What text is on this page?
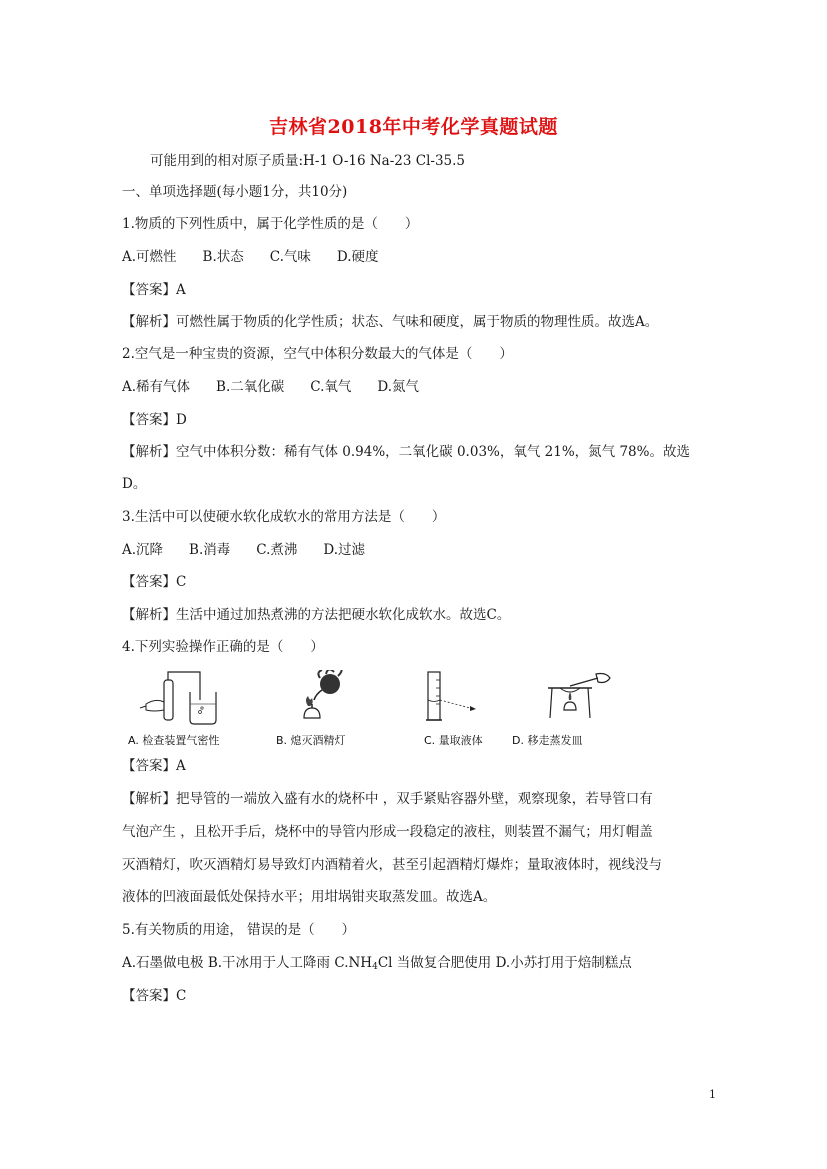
吉林省2018年中考化学真题试题
可能用到的相对原子质量:H-1 O-16 Na-23 Cl-35.5
一、单项选择题(每小题1分，共10分)
1.物质的下列性质中，属于化学性质的是（　　）
A.可燃性 B.状态 C.气味 D.硬度
【答案】A
【解析】可燃性属于物质的化学性质；状态、气味和硬度，属于物质的物理性质。故选A。
2.空气是一种宝贵的资源，空气中体积分数最大的气体是（　　）
A.稀有气体 B.二氧化碳 C.氧气 D.氮气
【答案】D
【解析】空气中体积分数：稀有气体 0.94%，二氧化碳 0.03%，氧气 21%，氮气 78%。故选
D。
3.生活中可以使硬水软化成软水的常用方法是（　　）
A.沉降 B.消毒 C.煮沸 D.过滤
【答案】C
【解析】生活中通过加热煮沸的方法把硬水软化成软水。故选C。
4.下列实验操作正确的是（　　）
A. 检查装置气密性	B. 熄灭酒精灯	C. 量取液体	D. 移走蒸发皿
【答案】A
【解析】把导管的一端放入盛有水的烧杯中 ，双手紧贴容器外壁，观察现象，若导管口有
气泡产生 ，且松开手后，烧杯中的导管内形成一段稳定的液柱，则装置不漏气；用灯帽盖
灭酒精灯，吹灭酒精灯易导致灯内酒精着火，甚至引起酒精灯爆炸；量取液体时，视线没与
液体的凹液面最低处保持水平；用坩埚钳夹取蒸发皿。故选A。
5.有关物质的用途， 错误的是（　　）
A.石墨做电极 B.干冰用于人工降雨 $C.NH_4Cl$ 当做复合肥使用 D.小苏打用于焙制糕点
【答案】C
1
